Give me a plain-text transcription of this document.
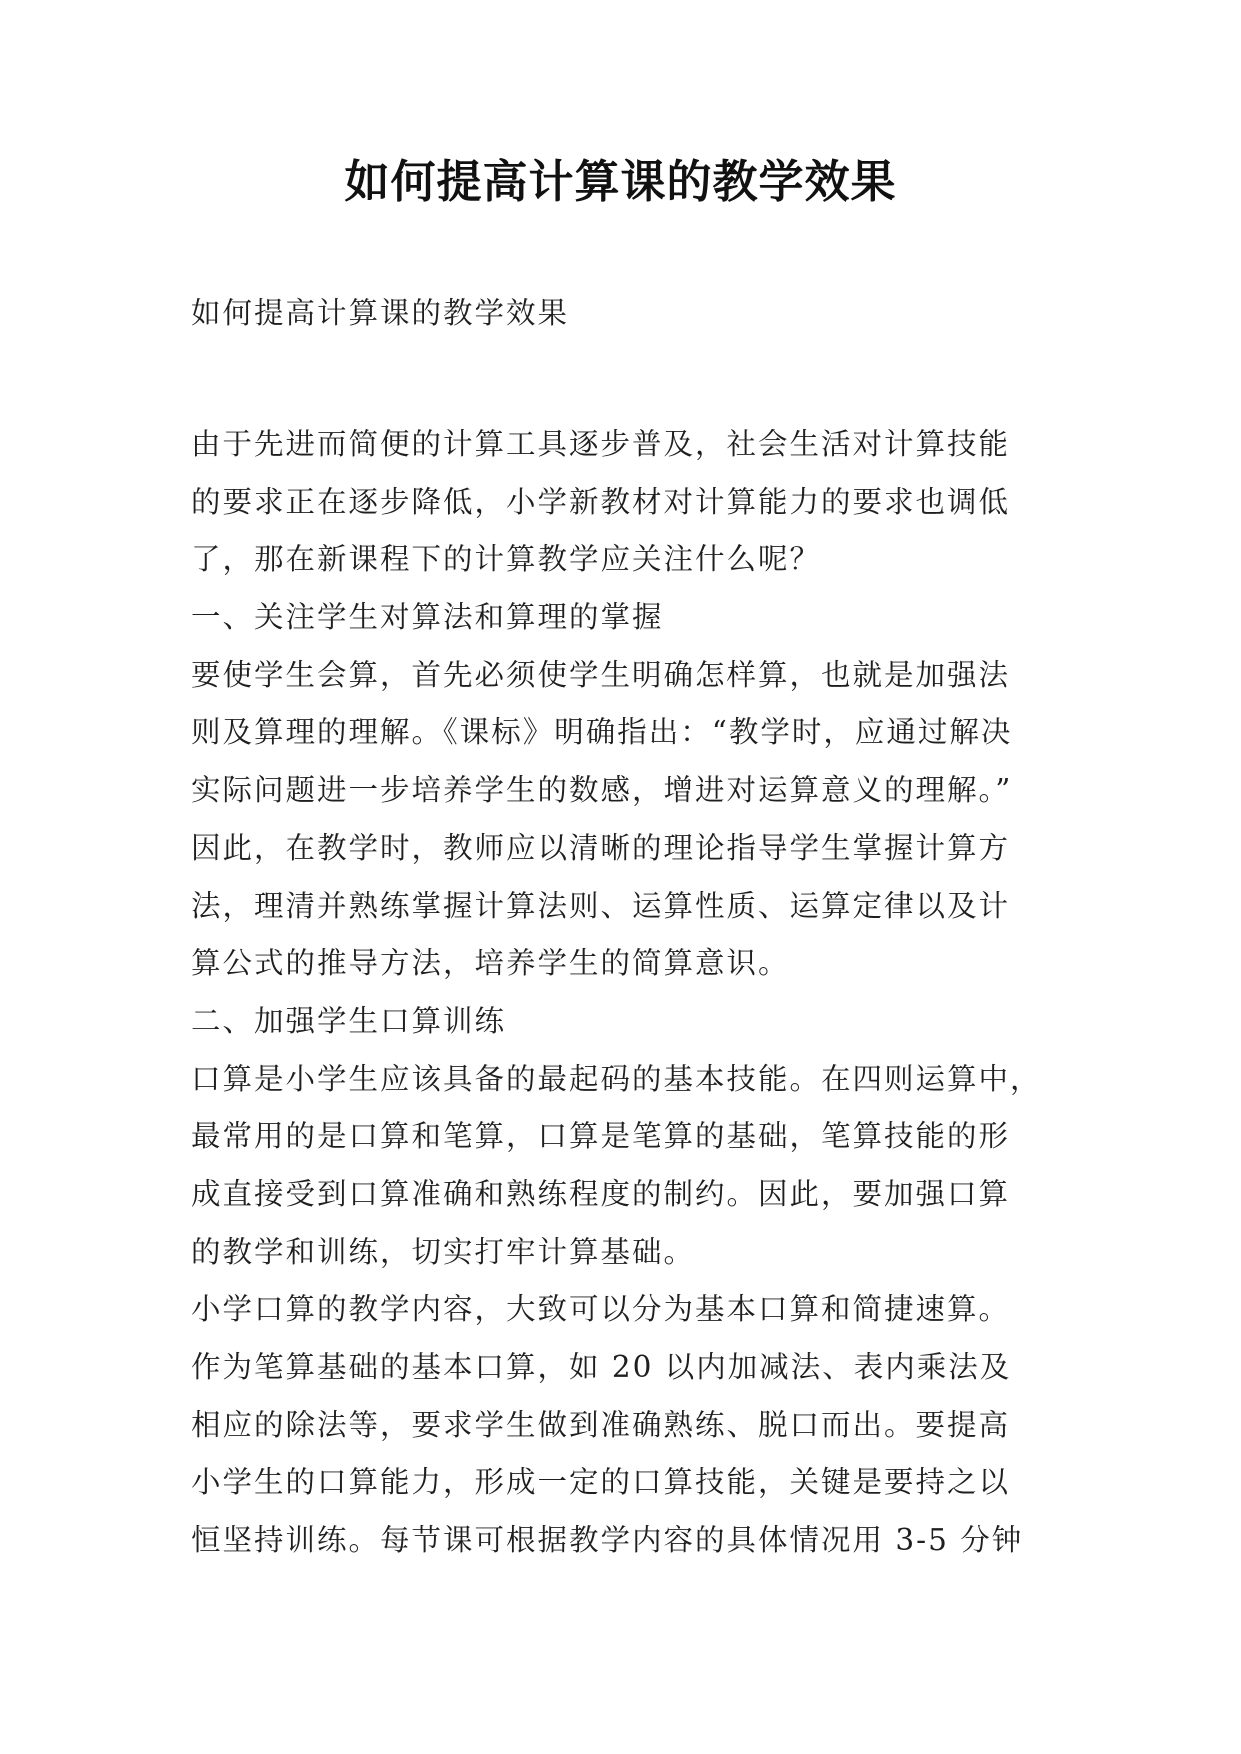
如何提高计算课的教学效果
如何提高计算课的教学效果
由于先进而简便的计算工具逐步普及，社会生活对计算技能
的要求正在逐步降低，小学新教材对计算能力的要求也调低
了，那在新课程下的计算教学应关注什么呢？
一、关注学生对算法和算理的掌握
要使学生会算，首先必须使学生明确怎样算，也就是加强法
则及算理的理解。《课标》明确指出：“教学时，应通过解决
实际问题进一步培养学生的数感，增进对运算意义的理解。”
因此，在教学时，教师应以清晰的理论指导学生掌握计算方
法，理清并熟练掌握计算法则、运算性质、运算定律以及计
算公式的推导方法，培养学生的简算意识。
二、加强学生口算训练
口算是小学生应该具备的最起码的基本技能。在四则运算中，
最常用的是口算和笔算，口算是笔算的基础，笔算技能的形
成直接受到口算准确和熟练程度的制约。因此，要加强口算
的教学和训练，切实打牢计算基础。
小学口算的教学内容，大致可以分为基本口算和简捷速算。
作为笔算基础的基本口算，如 20 以内加减法、表内乘法及
相应的除法等，要求学生做到准确熟练、脱口而出。要提高
小学生的口算能力，形成一定的口算技能，关键是要持之以
恒坚持训练。每节课可根据教学内容的具体情况用 3-5 分钟
